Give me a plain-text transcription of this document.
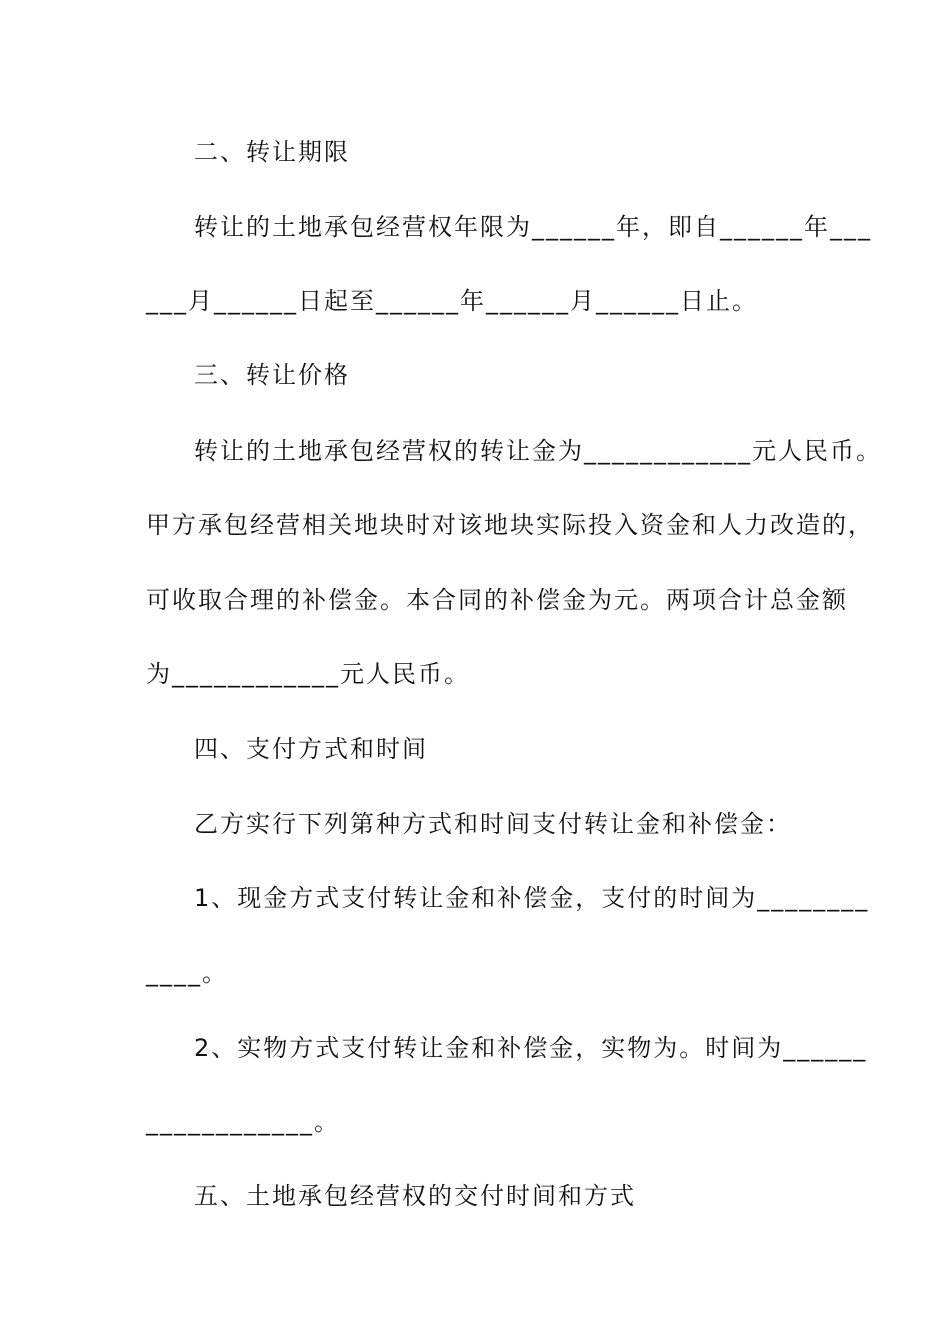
二、转让期限
转让的土地承包经营权年限为______年，即自______年___
___月______日起至______年______月______日止。
三、转让价格
转让的土地承包经营权的转让金为____________元人民币。
甲方承包经营相关地块时对该地块实际投入资金和人力改造的，
可收取合理的补偿金。本合同的补偿金为元。两项合计总金额
为____________元人民币。
四、支付方式和时间
乙方实行下列第种方式和时间支付转让金和补偿金：
1、现金方式支付转让金和补偿金，支付的时间为________
____。
2、实物方式支付转让金和补偿金，实物为。时间为______
____________。
五、土地承包经营权的交付时间和方式
